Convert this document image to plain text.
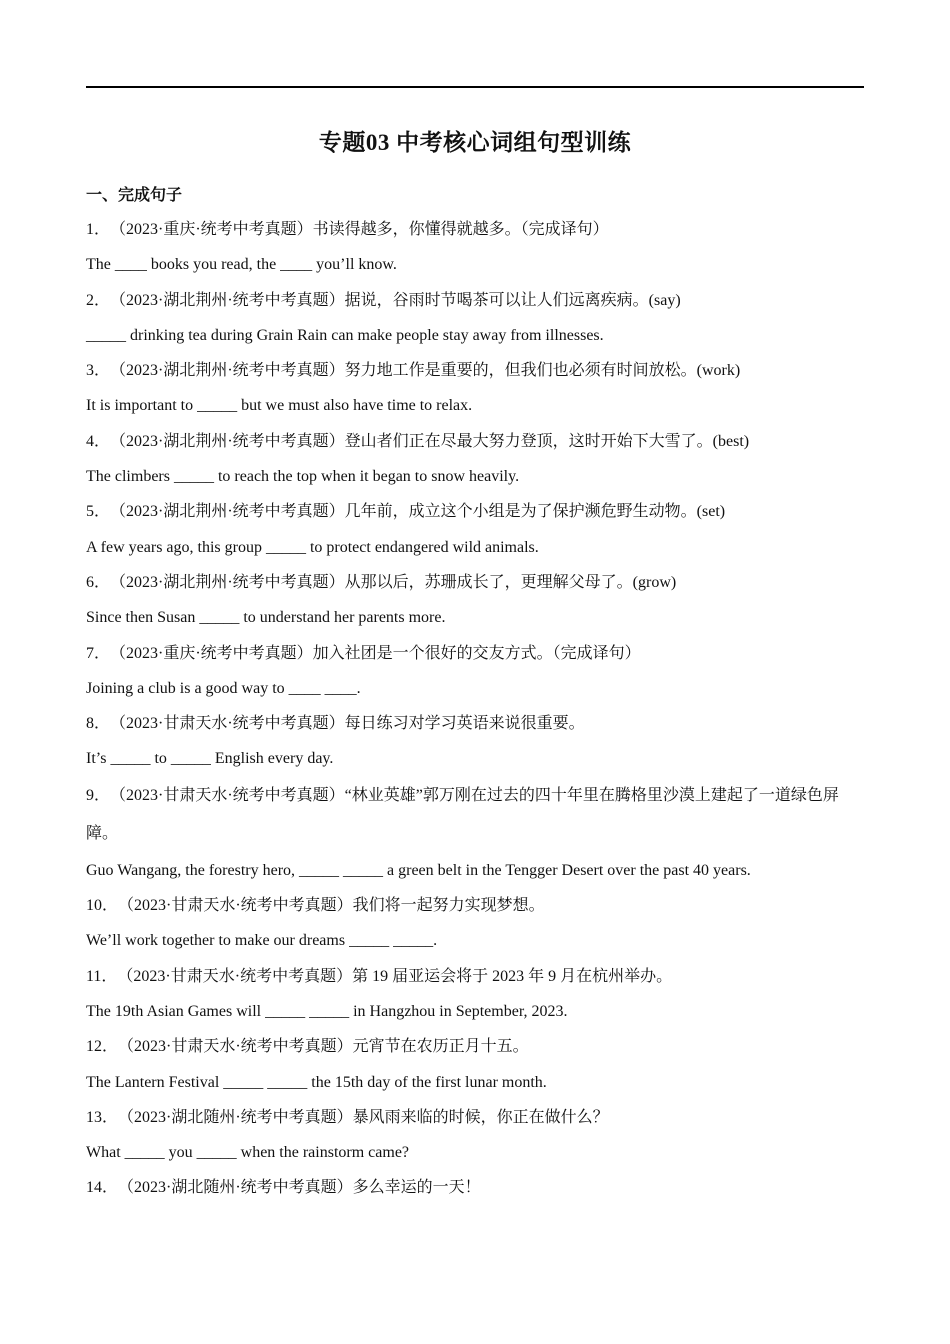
专题03 中考核心词组句型训练
一、完成句子
1．（2023·重庆·统考中考真题）书读得越多，你懂得就越多。（完成译句）
The ____ books you read, the ____ you’ll know.
2．（2023·湖北荆州·统考中考真题）据说，谷雨时节喝茶可以让人们远离疾病。(say)
_____ drinking tea during Grain Rain can make people stay away from illnesses.
3．（2023·湖北荆州·统考中考真题）努力地工作是重要的，但我们也必须有时间放松。(work)
It is important to _____ but we must also have time to relax.
4．（2023·湖北荆州·统考中考真题）登山者们正在尽最大努力登顶，这时开始下大雪了。(best)
The climbers _____ to reach the top when it began to snow heavily.
5．（2023·湖北荆州·统考中考真题）几年前，成立这个小组是为了保护濒危野生动物。(set)
A few years ago, this group _____ to protect endangered wild animals.
6．（2023·湖北荆州·统考中考真题）从那以后，苏珊成长了，更理解父母了。(grow)
Since then Susan _____ to understand her parents more.
7．（2023·重庆·统考中考真题）加入社团是一个很好的交友方式。（完成译句）
Joining a club is a good way to ____ ____.
8．（2023·甘肃天水·统考中考真题）每日练习对学习英语来说很重要。
It’s _____ to _____ English every day.
9．（2023·甘肃天水·统考中考真题）“林业英雄”郭万刚在过去的四十年里在腾格里沙漠上建起了一道绿色屏障。
Guo Wangang, the forestry hero, _____ _____ a green belt in the Tengger Desert over the past 40 years.
10．（2023·甘肃天水·统考中考真题）我们将一起努力实现梦想。
We’ll work together to make our dreams _____ _____.
11．（2023·甘肃天水·统考中考真题）第 19 届亚运会将于 2023 年 9 月在杭州举办。
The 19th Asian Games will _____ _____ in Hangzhou in September, 2023.
12．（2023·甘肃天水·统考中考真题）元宵节在农历正月十五。
The Lantern Festival _____ _____ the 15th day of the first lunar month.
13．（2023·湖北随州·统考中考真题）暴风雨来临的时候，你正在做什么？
What _____ you _____ when the rainstorm came?
14．（2023·湖北随州·统考中考真题）多么幸运的一天！
